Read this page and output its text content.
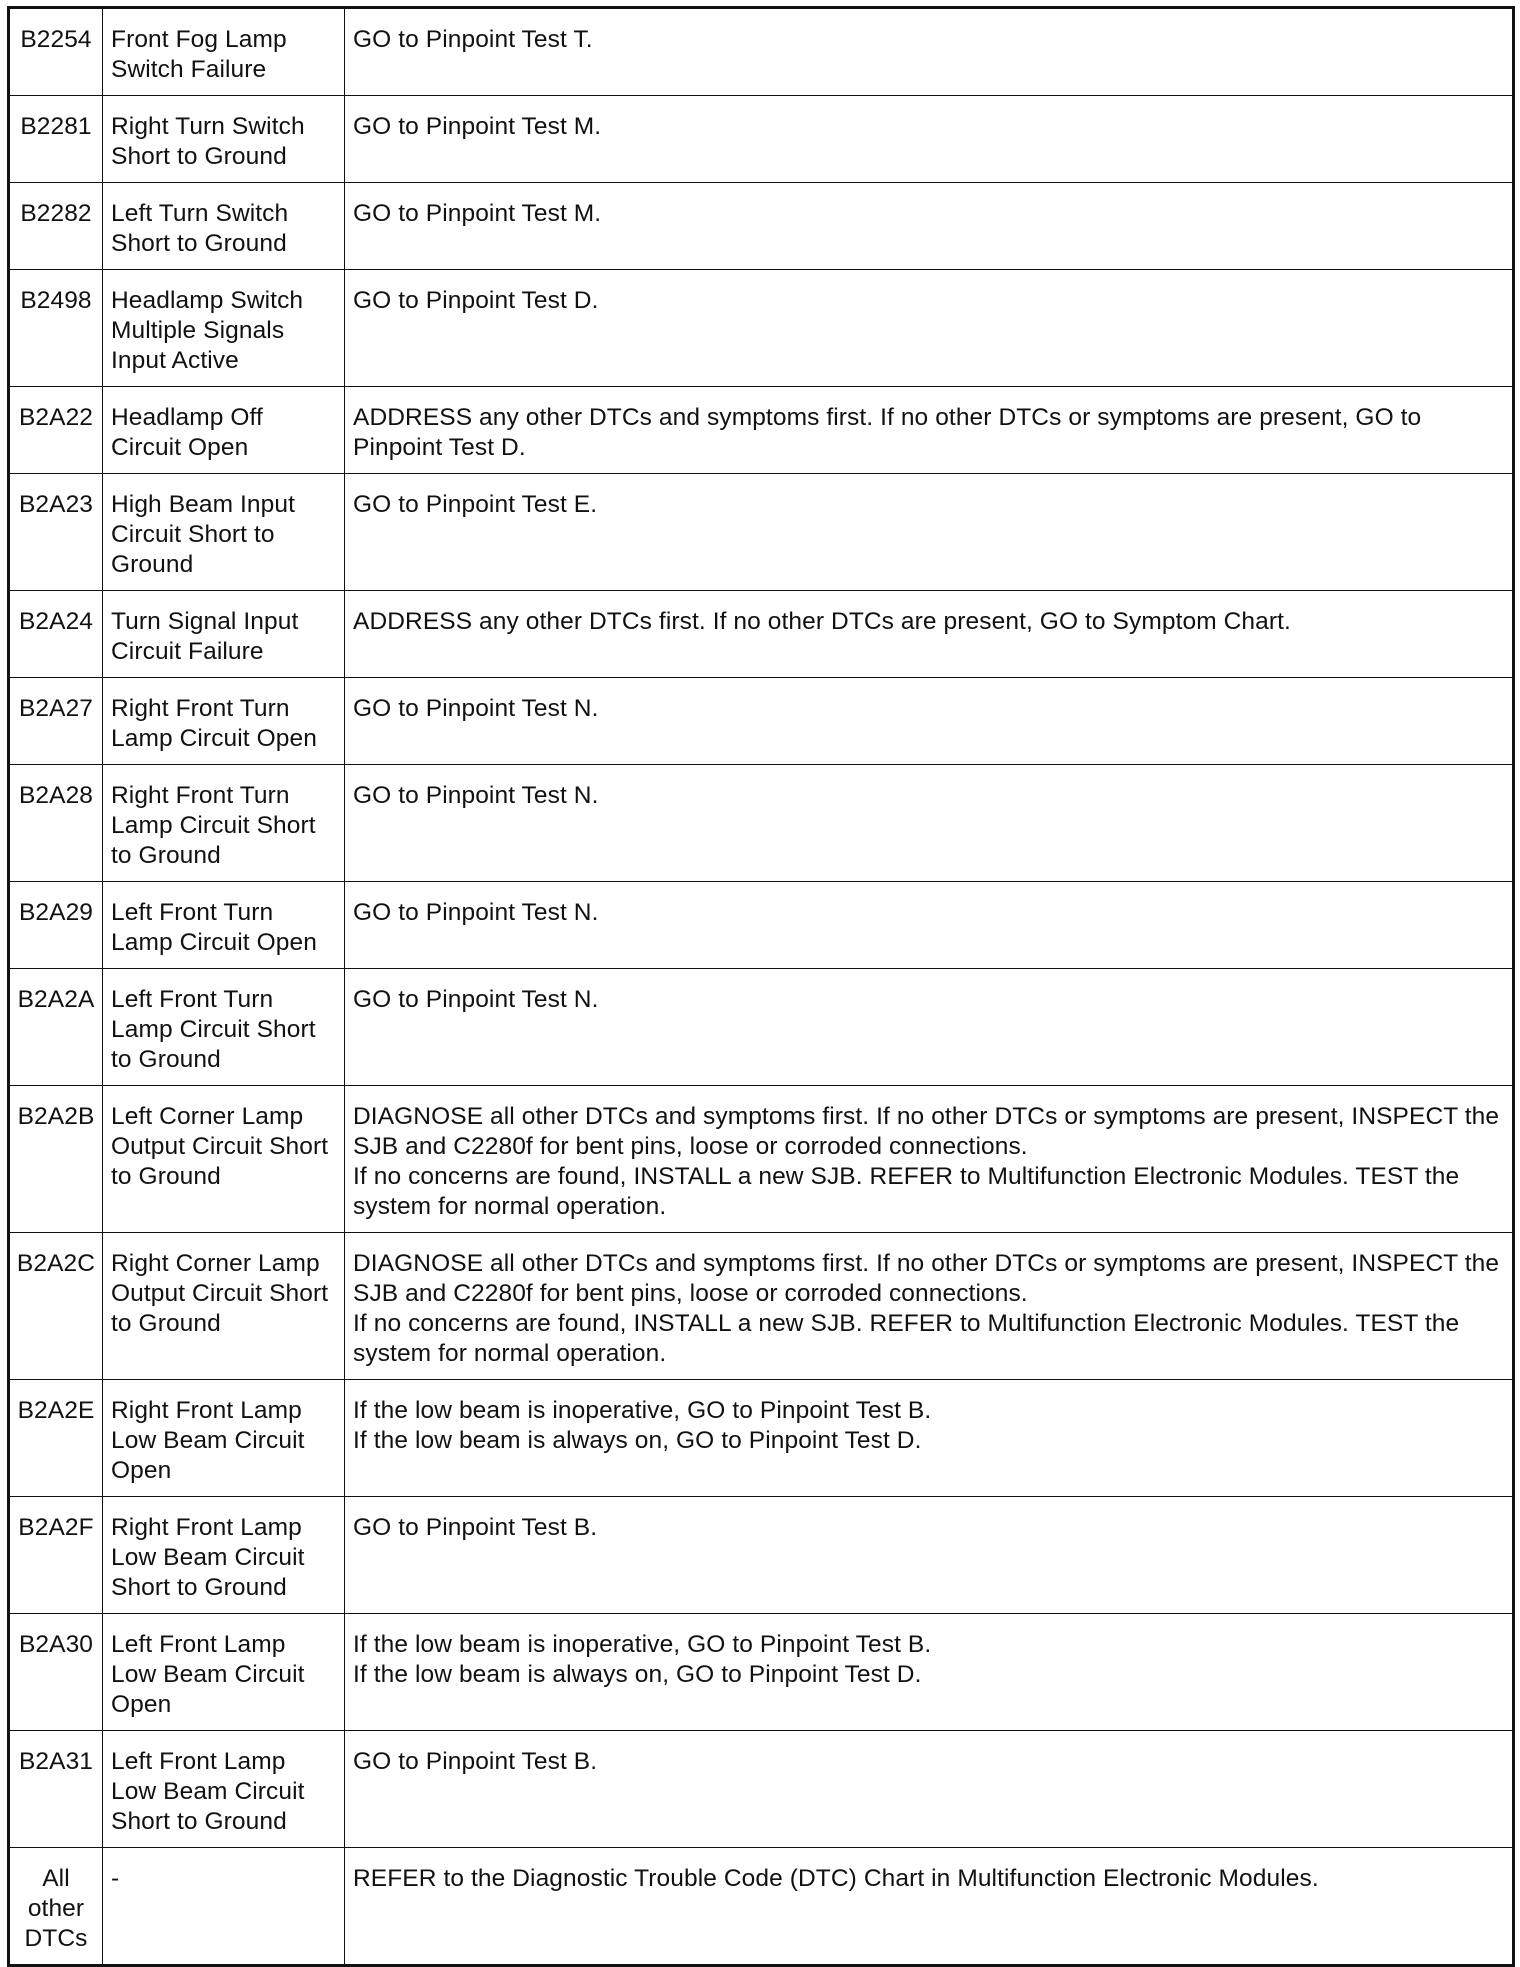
B2254	Front Fog Lamp Switch Failure	GO to Pinpoint Test T.

B2281	Right Turn Switch Short to Ground	GO to Pinpoint Test M.

B2282	Left Turn Switch Short to Ground	GO to Pinpoint Test M.

B2498	Headlamp Switch Multiple Signals Input Active	GO to Pinpoint Test D.

B2A22	Headlamp Off Circuit Open	ADDRESS any other DTCs and symptoms first. If no other DTCs or symptoms are present, GO to Pinpoint Test D.

B2A23	High Beam Input Circuit Short to Ground	GO to Pinpoint Test E.

B2A24	Turn Signal Input Circuit Failure	ADDRESS any other DTCs first. If no other DTCs are present, GO to Symptom Chart.

B2A27	Right Front Turn Lamp Circuit Open	GO to Pinpoint Test N.

B2A28	Right Front Turn Lamp Circuit Short to Ground	GO to Pinpoint Test N.

B2A29	Left Front Turn Lamp Circuit Open	GO to Pinpoint Test N.

B2A2A	Left Front Turn Lamp Circuit Short to Ground	GO to Pinpoint Test N.

B2A2B	Left Corner Lamp Output Circuit Short to Ground	DIAGNOSE all other DTCs and symptoms first. If no other DTCs or symptoms are present, INSPECT the SJB and C2280f for bent pins, loose or corroded connections.
If no concerns are found, INSTALL a new SJB. REFER to Multifunction Electronic Modules. TEST the system for normal operation.

B2A2C	Right Corner Lamp Output Circuit Short to Ground	DIAGNOSE all other DTCs and symptoms first. If no other DTCs or symptoms are present, INSPECT the SJB and C2280f for bent pins, loose or corroded connections.
If no concerns are found, INSTALL a new SJB. REFER to Multifunction Electronic Modules. TEST the system for normal operation.

B2A2E	Right Front Lamp Low Beam Circuit Open	If the low beam is inoperative, GO to Pinpoint Test B.
If the low beam is always on, GO to Pinpoint Test D.

B2A2F	Right Front Lamp Low Beam Circuit Short to Ground	GO to Pinpoint Test B.

B2A30	Left Front Lamp Low Beam Circuit Open	If the low beam is inoperative, GO to Pinpoint Test B.
If the low beam is always on, GO to Pinpoint Test D.

B2A31	Left Front Lamp Low Beam Circuit Short to Ground	GO to Pinpoint Test B.

All other DTCs	-	REFER to the Diagnostic Trouble Code (DTC) Chart in Multifunction Electronic Modules.
